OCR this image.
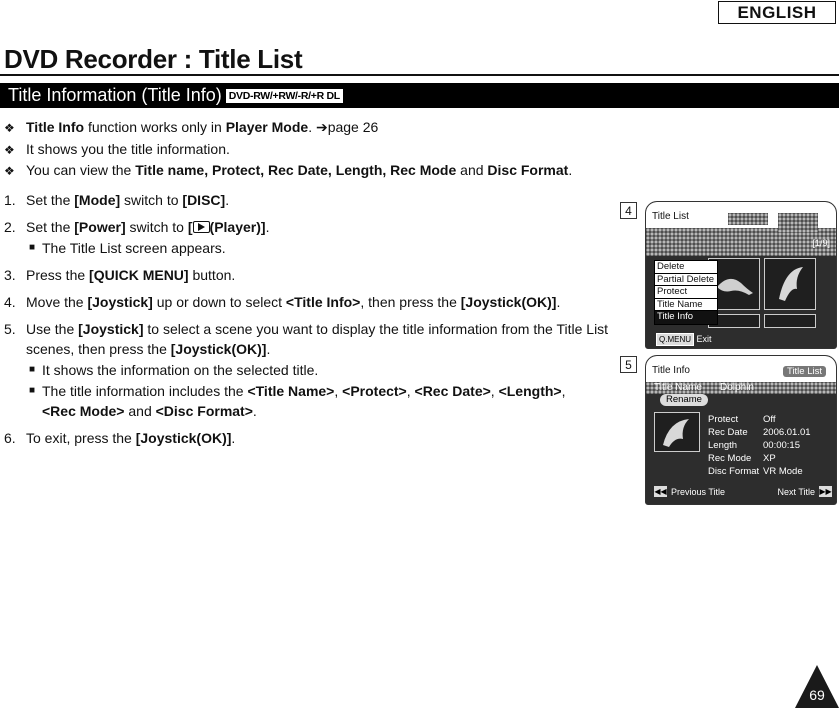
ENGLISH
DVD Recorder : Title List
Title Information (Title Info) DVD-RW/+RW/-R/+R DL
❖ Title Info function works only in Player Mode. ➔page 26
❖ It shows you the title information.
❖ You can view the Title name, Protect, Rec Date, Length, Rec Mode and Disc Format.
1. Set the [Mode] switch to [DISC].
2. Set the [Power] switch to [ (Player)].
■ The Title List screen appears.
3. Press the [QUICK MENU] button.
4. Move the [Joystick] up or down to select <Title Info>, then press the [Joystick(OK)].
5. Use the [Joystick] to select a scene you want to display the title information from the Title List scenes, then press the [Joystick(OK)].
■ It shows the information on the selected title.
■ The title information includes the <Title Name>, <Protect>, <Rec Date>, <Length>, <Rec Mode> and <Disc Format>.
6. To exit, press the [Joystick(OK)].
4	Title List
[1/9]
Delete
Partial Delete
Protect
Title Name
Title Info
Q.MENU Exit
5	Title Info	Title List
Title Name Dolphin
Rename
Protect	Off
Rec Date	2006.01.01
Length	00:00:15
Rec Mode	XP
Disc Format VR Mode
◀◀ Previous Title	Next Title ▶▶
69
